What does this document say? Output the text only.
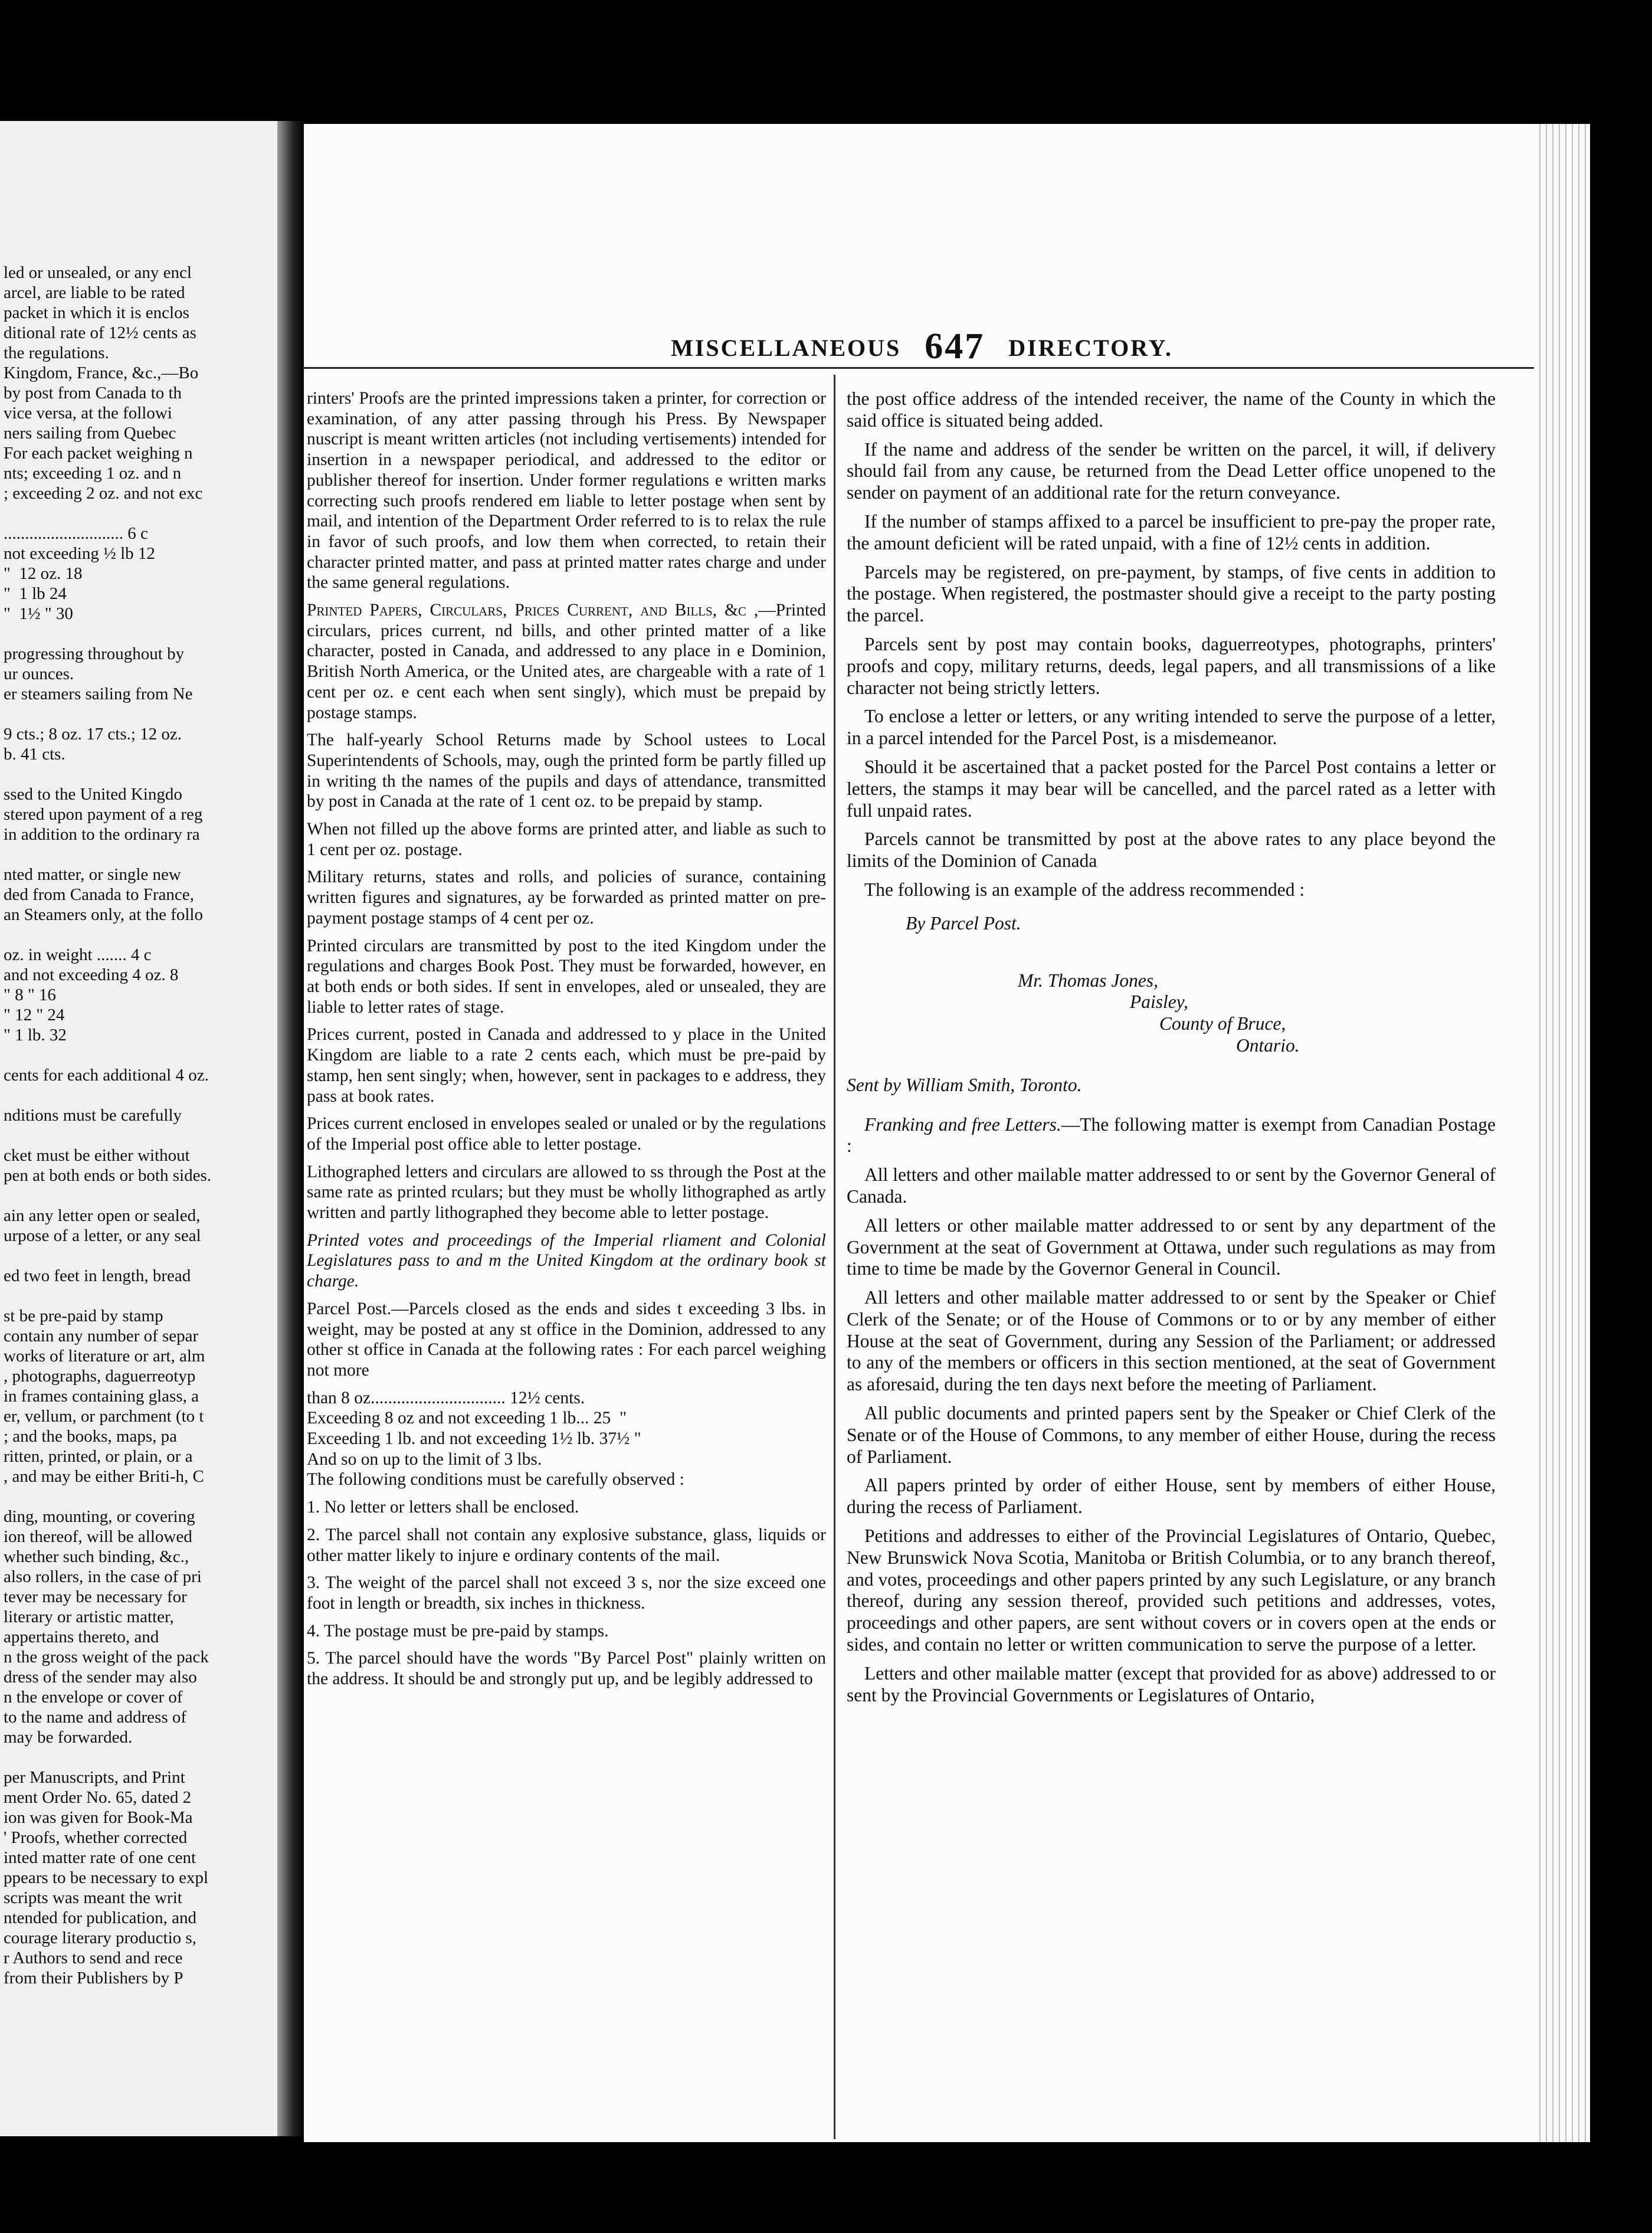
led or unsealed, or any encl
arcel, are liable to be rated
packet in which it is enclos
ditional rate of 12½ cents as
the regulations.
Kingdom, France, &c.,—Bo
by post from Canada to th
vice versa, at the followi
ners sailing from Quebec
For each packet weighing n
nts; exceeding 1 oz. and n
; exceeding 2 oz. and not exc
............................ 6 c
not exceeding ½ lb 12
"  12 oz. 18
"  1 lb 24
"  1½ " 30
progressing throughout by
ur ounces.
er steamers sailing from Ne
9 cts.; 8 oz. 17 cts.; 12 oz.
b. 41 cts.
ssed to the United Kingdo
stered upon payment of a reg
in addition to the ordinary ra
nted matter, or single new
ded from Canada to France,
an Steamers only, at the follo
oz. in weight ....... 4 c
and not exceeding 4 oz. 8
" 8 " 16
" 12 " 24
" 1 lb. 32
cents for each additional 4 oz.
nditions must be carefully
cket must be either without
pen at both ends or both sides.
ain any letter open or sealed,
urpose of a letter, or any seal
ed two feet in length, bread
st be pre-paid by stamp
contain any number of separ
works of literature or art, alm
, photographs, daguerreotyp
in frames containing glass, a
er, vellum, or parchment (to t
; and the books, maps, pa
ritten, printed, or plain, or a
, and may be either Briti-h, C
ding, mounting, or covering
ion thereof, will be allowed
whether such binding, &c.,
also rollers, in the case of pri
tever may be necessary for
literary or artistic matter,
appertains thereto, and
n the gross weight of the pack
dress of the sender may also
n the envelope or cover of
to the name and address of
may be forwarded.
per Manuscripts, and Print
ment Order No. 65, dated 2
ion was given for Book-Ma
' Proofs, whether corrected
inted matter rate of one cent
ppears to be necessary to expl
scripts was meant the writ
ntended for publication, and
courage literary productio s,
r Authors to send and rece
from their Publishers by P
MISCELLANEOUS 647 DIRECTORY.

rinters' Proofs are the printed impressions taken a printer, for correction or examination, of any atter passing through his Press. By Newspaper nuscript is meant written articles (not including vertisements) intended for insertion in a newspaper periodical, and addressed to the editor or publisher thereof for insertion. Under former regulations e written marks correcting such proofs rendered em liable to letter postage when sent by mail, and intention of the Department Order referred to is to relax the rule in favor of such proofs, and low them when corrected, to retain their character printed matter, and pass at printed matter rates charge and under the same general regulations.

Printed Papers, Circulars, Prices Current, and Bills, &c ,—Printed circulars, prices current, nd bills, and other printed matter of a like character, posted in Canada, and addressed to any place in e Dominion, British North America, or the United ates, are chargeable with a rate of 1 cent per oz. e cent each when sent singly), which must be prepaid by postage stamps.

The half-yearly School Returns made by School ustees to Local Superintendents of Schools, may, ough the printed form be partly filled up in writing th the names of the pupils and days of attendance, transmitted by post in Canada at the rate of 1 cent oz. to be prepaid by stamp.

When not filled up the above forms are printed atter, and liable as such to 1 cent per oz. postage.

Military returns, states and rolls, and policies of surance, containing written figures and signatures, ay be forwarded as printed matter on pre-payment postage stamps of 4 cent per oz.

Printed circulars are transmitted by post to the ited Kingdom under the regulations and charges Book Post. They must be forwarded, however, en at both ends or both sides. If sent in envelopes, aled or unsealed, they are liable to letter rates of stage.

Prices current, posted in Canada and addressed to y place in the United Kingdom are liable to a rate 2 cents each, which must be pre-paid by stamp, hen sent singly; when, however, sent in packages to e address, they pass at book rates.

Prices current enclosed in envelopes sealed or unaled or by the regulations of the Imperial post office able to letter postage.

Lithographed letters and circulars are allowed to ss through the Post at the same rate as printed rculars; but they must be wholly lithographed as artly written and partly lithographed they become able to letter postage.

Printed votes and proceedings of the Imperial rliament and Colonial Legislatures pass to and m the United Kingdom at the ordinary book st charge.

Parcel Post.—Parcels closed as the ends and sides t exceeding 3 lbs. in weight, may be posted at any st office in the Dominion, addressed to any other st office in Canada at the following rates : For each parcel weighing not more

than 8 oz............................... 12½ cents.
Exceeding 8 oz and not exceeding 1 lb... 25  "
Exceeding 1 lb. and not exceeding 1½ lb. 37½ "
And so on up to the limit of 3 lbs.

The following conditions must be carefully observed :

1. No letter or letters shall be enclosed.

2. The parcel shall not contain any explosive substance, glass, liquids or other matter likely to injure e ordinary contents of the mail.

3. The weight of the parcel shall not exceed 3 s, nor the size exceed one foot in length or breadth, six inches in thickness.

4. The postage must be pre-paid by stamps.

5. The parcel should have the words "By Parcel Post" plainly written on the address. It should be and strongly put up, and be legibly addressed to

the post office address of the intended receiver, the name of the County in which the said office is situated being added.

If the name and address of the sender be written on the parcel, it will, if delivery should fail from any cause, be returned from the Dead Letter office unopened to the sender on payment of an additional rate for the return conveyance.

If the number of stamps affixed to a parcel be insufficient to pre-pay the proper rate, the amount deficient will be rated unpaid, with a fine of 12½ cents in addition.

Parcels may be registered, on pre-payment, by stamps, of five cents in addition to the postage. When registered, the postmaster should give a receipt to the party posting the parcel.

Parcels sent by post may contain books, daguerreotypes, photographs, printers' proofs and copy, military returns, deeds, legal papers, and all transmissions of a like character not being strictly letters.

To enclose a letter or letters, or any writing intended to serve the purpose of a letter, in a parcel intended for the Parcel Post, is a misdemeanor.

Should it be ascertained that a packet posted for the Parcel Post contains a letter or letters, the stamps it may bear will be cancelled, and the parcel rated as a letter with full unpaid rates.

Parcels cannot be transmitted by post at the above rates to any place beyond the limits of the Dominion of Canada

The following is an example of the address recommended :

By Parcel Post.

Mr. Thomas Jones,

Paisley,

County of Bruce,

Ontario.

Sent by William Smith, Toronto.

Franking and free Letters.—The following matter is exempt from Canadian Postage :

All letters and other mailable matter addressed to or sent by the Governor General of Canada.

All letters or other mailable matter addressed to or sent by any department of the Government at the seat of Government at Ottawa, under such regulations as may from time to time be made by the Governor General in Council.

All letters and other mailable matter addressed to or sent by the Speaker or Chief Clerk of the Senate; or of the House of Commons or to or by any member of either House at the seat of Government, during any Session of the Parliament; or addressed to any of the members or officers in this section mentioned, at the seat of Government as aforesaid, during the ten days next before the meeting of Parliament.

All public documents and printed papers sent by the Speaker or Chief Clerk of the Senate or of the House of Commons, to any member of either House, during the recess of Parliament.

All papers printed by order of either House, sent by members of either House, during the recess of Parliament.

Petitions and addresses to either of the Provincial Legislatures of Ontario, Quebec, New Brunswick Nova Scotia, Manitoba or British Columbia, or to any branch thereof, and votes, proceedings and other papers printed by any such Legislature, or any branch thereof, during any session thereof, provided such petitions and addresses, votes, proceedings and other papers, are sent without covers or in covers open at the ends or sides, and contain no letter or written communication to serve the purpose of a letter.

Letters and other mailable matter (except that provided for as above) addressed to or sent by the Provincial Governments or Legislatures of Ontario,
